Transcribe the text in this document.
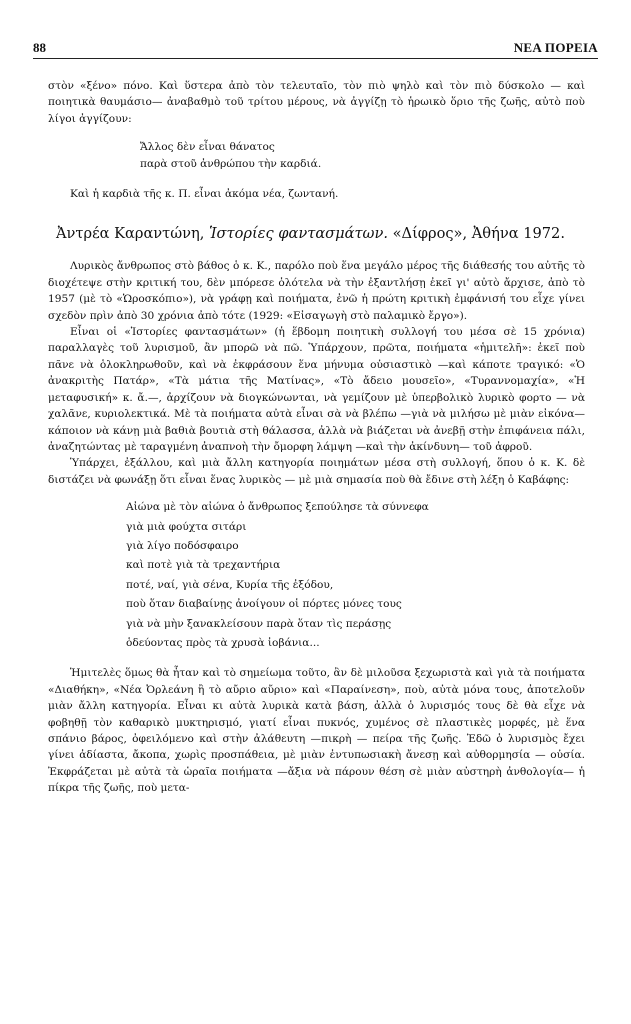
88	ΝΕΑ ΠΟΡΕΙΑ

στὸν «ξένο» πόνο. Καὶ ὕστερα ἀπὸ τὸν τελευταῖο, τὸν πιὸ ψηλὸ καὶ τὸν πιὸ δύσκολο — καὶ ποιητικὰ θαυμάσιο— ἀναβαθμὸ τοῦ τρίτου μέρους, νὰ ἀγγίζῃ τὸ ἡρωικὸ ὅριο τῆς ζωῆς, αὐτὸ ποὺ λίγοι ἀγγίζουν:

Ἄλλος δὲν εἶναι θάνατος
παρὰ στοῦ ἀνθρώπου τὴν καρδιά.

Καὶ ἡ καρδιὰ τῆς κ. Π. εἶναι ἀκόμα νέα, ζωντανή.

Ἀντρέα Καραντώνη, Ἱστορίες φαντασμάτων. «Δίφρος», Ἀθήνα 1972.

Λυρικὸς ἄνθρωπος στὸ βάθος ὁ κ. Κ., παρόλο ποὺ ἕνα μεγάλο μέρος τῆς διάθεσής του αὐτῆς τὸ διοχέτεψε στὴν κριτική του, δὲν μπόρεσε ὁλότελα νὰ τὴν ἐξαντλήσῃ ἐκεῖ γι' αὐτὸ ἄρχισε, ἀπὸ τὸ 1957 (μὲ τὸ «Ὡροσκόπιο»), νὰ γράφῃ καὶ ποιήματα, ἐνῶ ἡ πρώτη κριτικὴ ἐμφάνισή του εἶχε γίνει σχεδὸν πρὶν ἀπὸ 30 χρόνια ἀπὸ τότε (1929: «Εἰσαγωγὴ στὸ παλαμικὸ ἔργο»).

Εἶναι οἱ «Ἱστορίες φαντασμάτων» (ἡ ἕβδομη ποιητικὴ συλλογή του μέσα σὲ 15 χρόνια) παραλλαγὲς τοῦ λυρισμοῦ, ἂν μπορῶ νὰ πῶ. Ὑπάρχουν, πρῶτα, ποιήματα «ἡμιτελῆ»: ἐκεῖ ποὺ πᾶνε νὰ ὁλοκληρωθοῦν, καὶ νὰ ἐκφράσουν ἕνα μήνυμα οὐσιαστικὸ —καὶ κάποτε τραγικό: «Ὁ ἀνακριτὴς Πατάρ», «Τὰ μάτια τῆς Ματίνας», «Τὸ ἄδειο μουσεῖο», «Τυραννομαχία», «Ἡ μεταφυσική» κ. ἄ.—, ἀρχίζουν νὰ διογκώνωνται, νὰ γεμίζουν μὲ ὑπερβολικὸ λυρικὸ φορτο — νὰ χαλᾶνε, κυριολεκτικά. Μὲ τὰ ποιήματα αὐτὰ εἶναι σὰ νὰ βλέπω —γιὰ νὰ μιλήσω μὲ μιὰν εἰκόνα— κάποιον νὰ κάνῃ μιὰ βαθιὰ βουτιὰ στὴ θάλασσα, ἀλλὰ νὰ βιάζεται νὰ ἀνεβῇ στὴν ἐπιφάνεια πάλι, ἀναζητώντας μὲ ταραγμένη ἀναπνοὴ τὴν ὄμορφη λάμψη —καὶ τὴν ἀκίνδυνη— τοῦ ἀφροῦ.

Ὑπάρχει, ἐξάλλου, καὶ μιὰ ἄλλη κατηγορία ποιημάτων μέσα στὴ συλλογή, ὅπου ὁ κ. Κ. δὲ διστάζει νὰ φωνάξῃ ὅτι εἶναι ἕνας λυρικὸς — μὲ μιὰ σημασία ποὺ θὰ ἔδινε στὴ λέξη ὁ Καβάφης:

Αἰώνα μὲ τὸν αἰώνα ὁ ἄνθρωπος ξεπούλησε τὰ σύννεφα
γιὰ μιὰ φούχτα σιτάρι
γιὰ λίγο ποδόσφαιρο
καὶ ποτὲ γιὰ τὰ τρεχαντήρια
ποτέ, ναί, γιὰ σένα, Κυρία τῆς ἐξόδου,
ποὺ ὅταν διαβαίνῃς ἀνοίγουν οἱ πόρτες μόνες τους
γιὰ νὰ μὴν ξανακλείσουν παρὰ ὅταν τὶς περάσῃς
ὁδεύοντας πρὸς τὰ χρυσὰ ἰοβάνια...

Ἡμιτελὲς ὅμως θὰ ἦταν καὶ τὸ σημείωμα τοῦτο, ἂν δὲ μιλοῦσα ξεχωριστὰ καὶ γιὰ τὰ ποιήματα «Διαθήκη», «Νέα Ὀρλεάνη ἢ τὸ αὔριο αὔριο» καὶ «Παραίνεση», ποὺ, αὐτὰ μόνα τους, ἀποτελοῦν μιὰν ἄλλη κατηγορία. Εἶναι κι αὐτὰ λυρικὰ κατὰ βάση, ἀλλὰ ὁ λυρισμός τους δὲ θὰ εἶχε νὰ φοβηθῇ τὸν καθαρικὸ μυκτηρισμό, γιατί εἶναι πυκνός, χυμένος σὲ πλαστικὲς μορφές, μὲ ἕνα σπάνιο βάρος, ὀφειλόμενο καὶ στὴν ἀλάθευτη —πικρὴ — πείρα τῆς ζωῆς. Ἐδῶ ὁ λυρισμὸς ἔχει γίνει ἀδίαστα, ἄκοπα, χωρὶς προσπάθεια, μὲ μιὰν ἐντυπωσιακὴ ἄνεσῃ καὶ αὐθορμησία — οὐσία. Ἐκφράζεται μὲ αὐτὰ τὰ ὡραῖα ποιήματα —ἄξια νὰ πάρουν θέση σὲ μιὰν αὐστηρὴ ἀνθολογία— ἡ πίκρα τῆς ζωῆς, ποὺ μετα-
